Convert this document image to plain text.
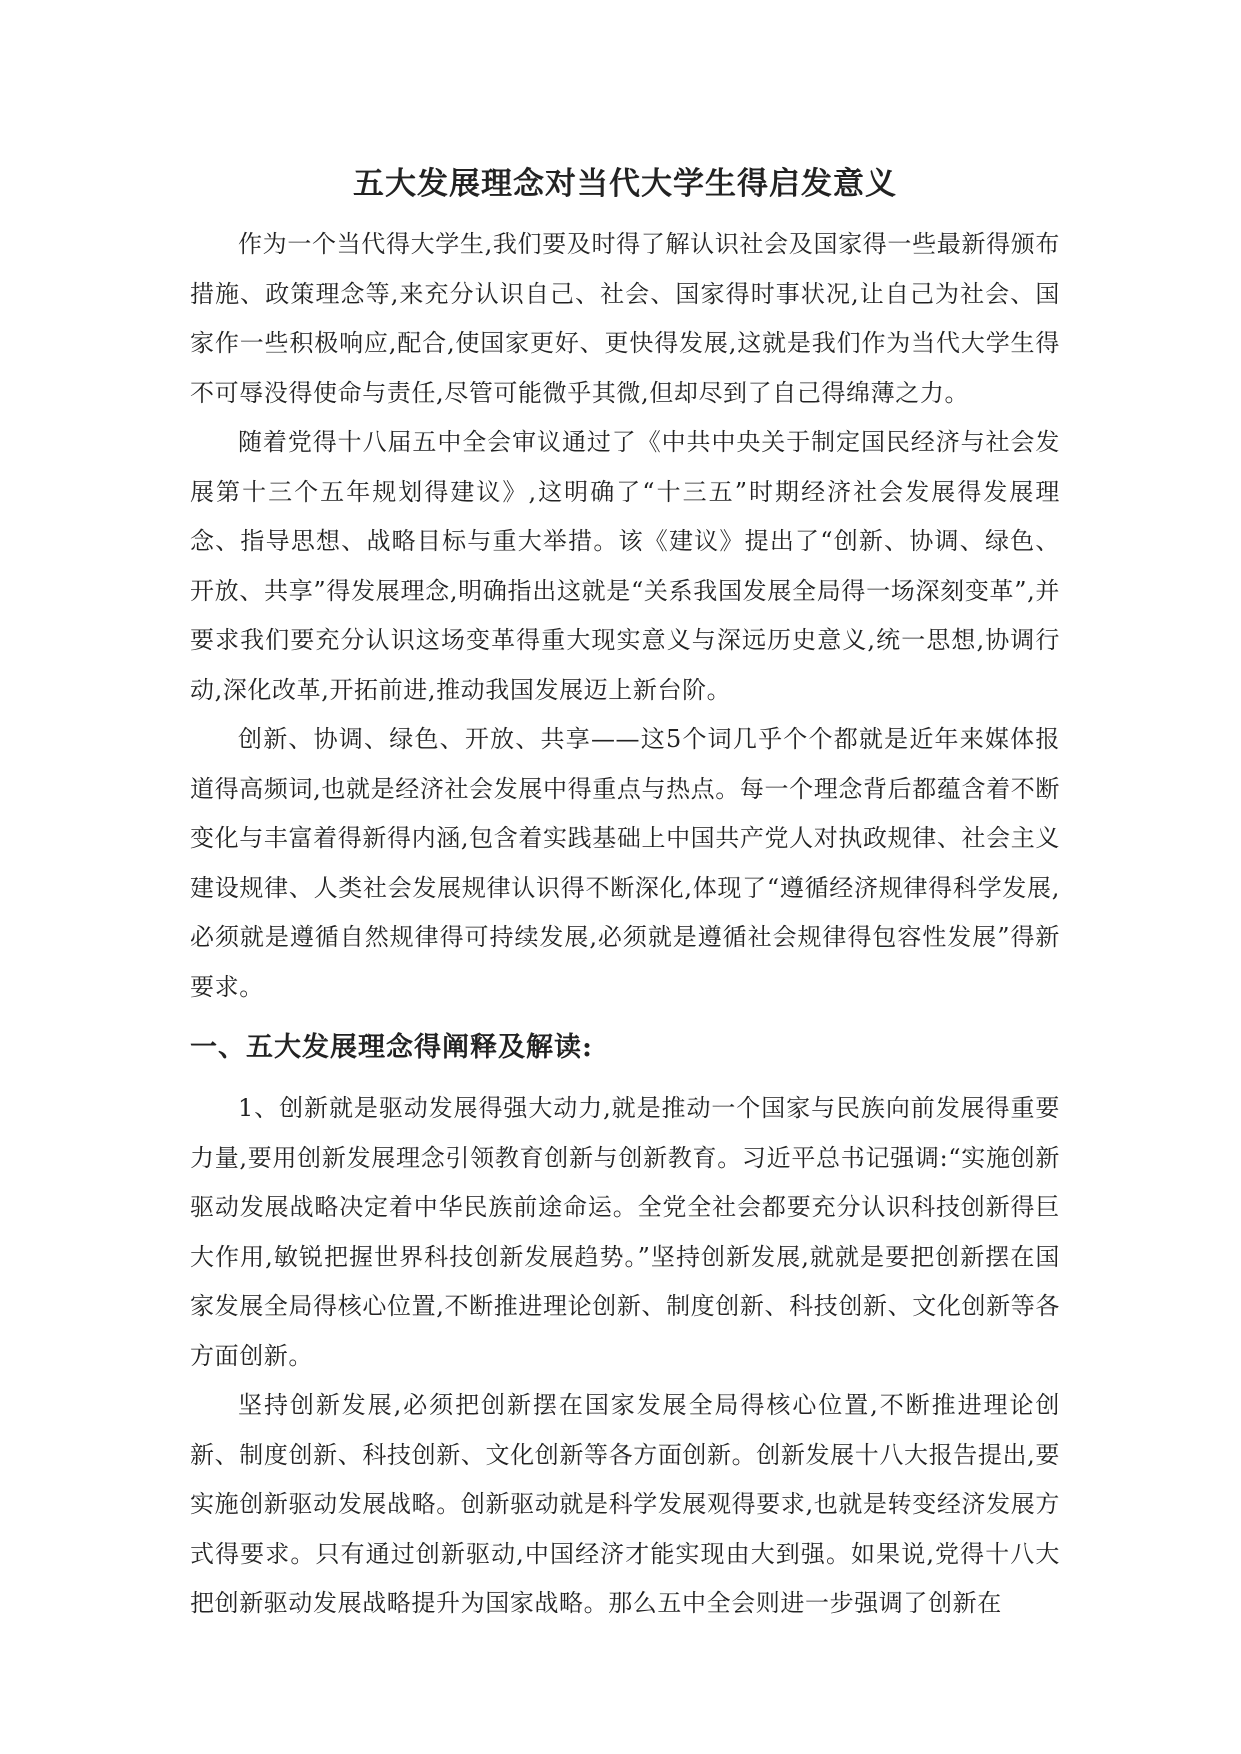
五大发展理念对当代大学生得启发意义

作为一个当代得大学生,我们要及时得了解认识社会及国家得一些最新得颁布措施、政策理念等,来充分认识自己、社会、国家得时事状况,让自己为社会、国家作一些积极响应,配合,使国家更好、更快得发展,这就是我们作为当代大学生得不可辱没得使命与责任,尽管可能微乎其微,但却尽到了自己得绵薄之力。

随着党得十八届五中全会审议通过了《中共中央关于制定国民经济与社会发展第十三个五年规划得建议》,这明确了“十三五”时期经济社会发展得发展理念、指导思想、战略目标与重大举措。该《建议》提出了“创新、协调、绿色、开放、共享”得发展理念,明确指出这就是“关系我国发展全局得一场深刻变革”,并要求我们要充分认识这场变革得重大现实意义与深远历史意义,统一思想,协调行动,深化改革,开拓前进,推动我国发展迈上新台阶。

创新、协调、绿色、开放、共享——这5个词几乎个个都就是近年来媒体报道得高频词,也就是经济社会发展中得重点与热点。每一个理念背后都蕴含着不断变化与丰富着得新得内涵,包含着实践基础上中国共产党人对执政规律、社会主义建设规律、人类社会发展规律认识得不断深化,体现了“遵循经济规律得科学发展,必须就是遵循自然规律得可持续发展,必须就是遵循社会规律得包容性发展”得新要求。

一、五大发展理念得阐释及解读:

1、创新就是驱动发展得强大动力,就是推动一个国家与民族向前发展得重要力量,要用创新发展理念引领教育创新与创新教育。习近平总书记强调:“实施创新驱动发展战略决定着中华民族前途命运。全党全社会都要充分认识科技创新得巨大作用,敏锐把握世界科技创新发展趋势。”坚持创新发展,就就是要把创新摆在国家发展全局得核心位置,不断推进理论创新、制度创新、科技创新、文化创新等各方面创新。

坚持创新发展,必须把创新摆在国家发展全局得核心位置,不断推进理论创新、制度创新、科技创新、文化创新等各方面创新。创新发展十八大报告提出,要实施创新驱动发展战略。创新驱动就是科学发展观得要求,也就是转变经济发展方式得要求。只有通过创新驱动,中国经济才能实现由大到强。如果说,党得十八大把创新驱动发展战略提升为国家战略。那么五中全会则进一步强调了创新在
